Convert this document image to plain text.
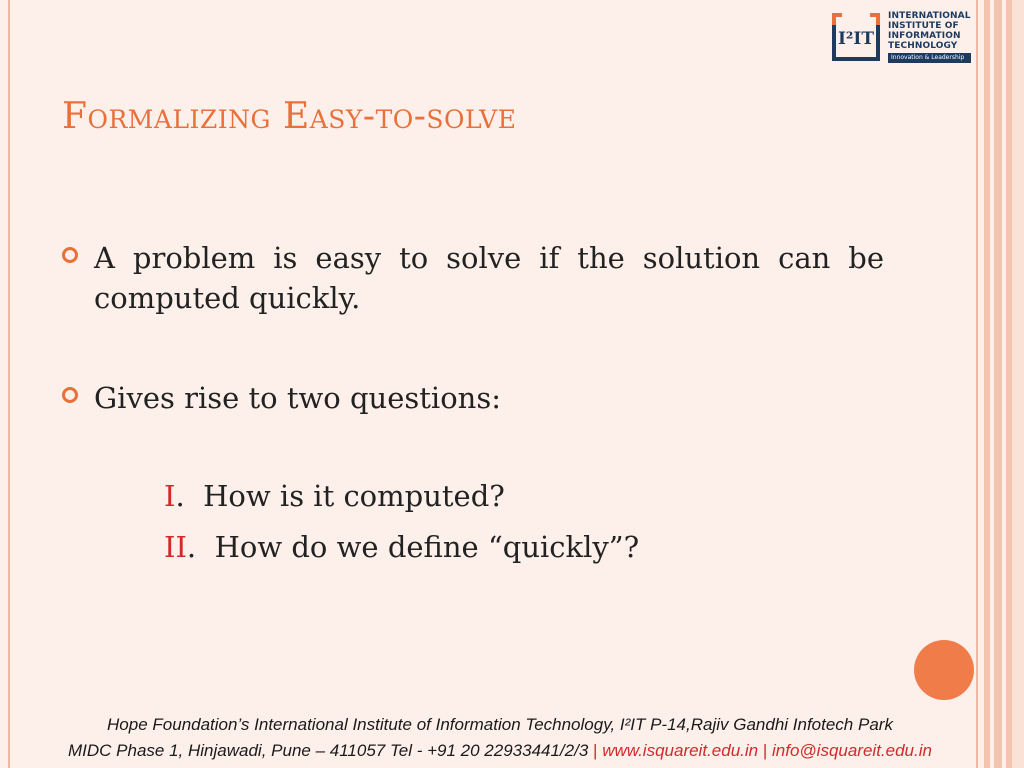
I²IT
INTERNATIONAL
INSTITUTE OF
INFORMATION
TECHNOLOGY
Innovation & Leadership
Formalizing Easy-to-solve
A problem is easy to solve if the solution can be computed quickly.
Gives rise to two questions:
I.  How is it computed?
II.  How do we define “quickly”?
Hope Foundation’s International Institute of Information Technology, I²IT P-14,Rajiv Gandhi Infotech Park
MIDC Phase 1, Hinjawadi, Pune – 411057 Tel - +91 20 22933441/2/3 | www.isquareit.edu.in | info@isquareit.edu.in
